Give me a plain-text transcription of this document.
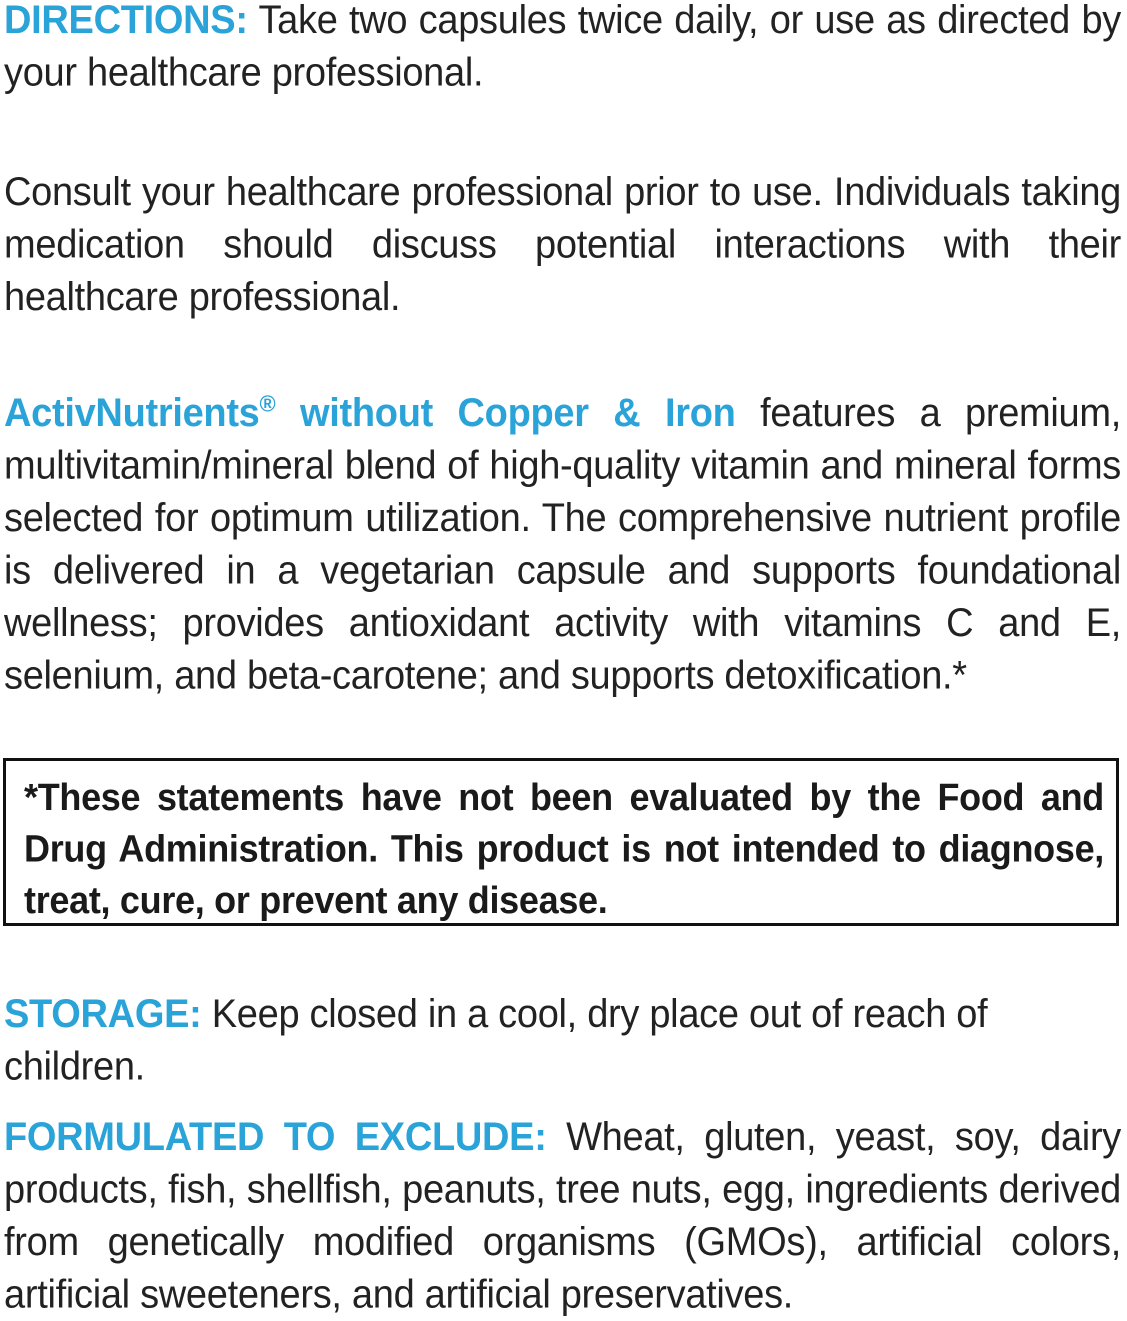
DIRECTIONS: Take two capsules twice daily, or use as directed by your healthcare professional.

Consult your healthcare professional prior to use. Individuals taking medication should discuss potential interactions with their healthcare professional.

ActivNutrients® without Copper & Iron features a premium, multivitamin/mineral blend of high-quality vitamin and mineral forms selected for optimum utilization. The comprehensive nutrient profile is delivered in a vegetarian capsule and supports foundational wellness; provides antioxidant activity with vitamins C and E, selenium, and beta-carotene; and supports detoxification.*

*These statements have not been evaluated by the Food and Drug Administration. This product is not intended to diagnose, treat, cure, or prevent any disease.

STORAGE: Keep closed in a cool, dry place out of reach of children.

FORMULATED TO EXCLUDE: Wheat, gluten, yeast, soy, dairy products, fish, shellfish, peanuts, tree nuts, egg, ingredients derived from genetically modified organisms (GMOs), artificial colors, artificial sweeteners, and artificial preservatives.
